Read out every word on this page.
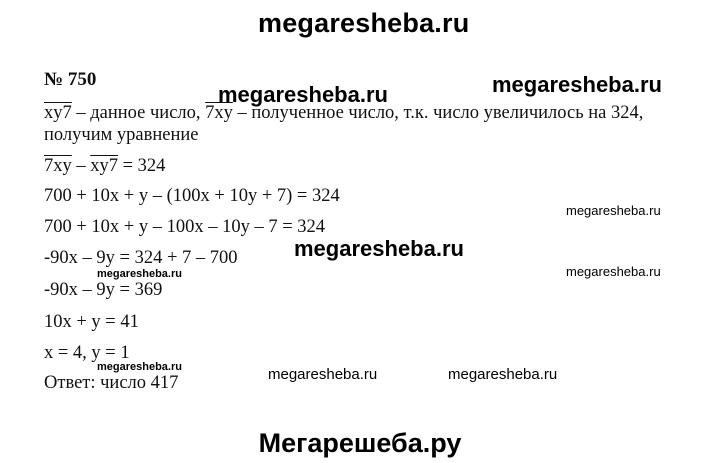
megaresheba.ru
№ 750
megaresheba.ru	megaresheba.ru
xy7 – данное число, 7xy – полученное число, т.к. число увеличилось на 324,
получим уравнение
7xy – xy7 = 324
700 + 10x + y – (100x + 10y + 7) = 324
700 + 10x + y – 100x – 10y – 7 = 324
megaresheba.ru
megaresheba.ru
-90x – 9y = 324 + 7 – 700
megaresheba.ru	megaresheba.ru
-90x – 9y = 369
10x + y = 41
x = 4, y = 1
megaresheba.ru	megaresheba.ru	megaresheba.ru
Ответ: число 417
Мегарешеба.ру
